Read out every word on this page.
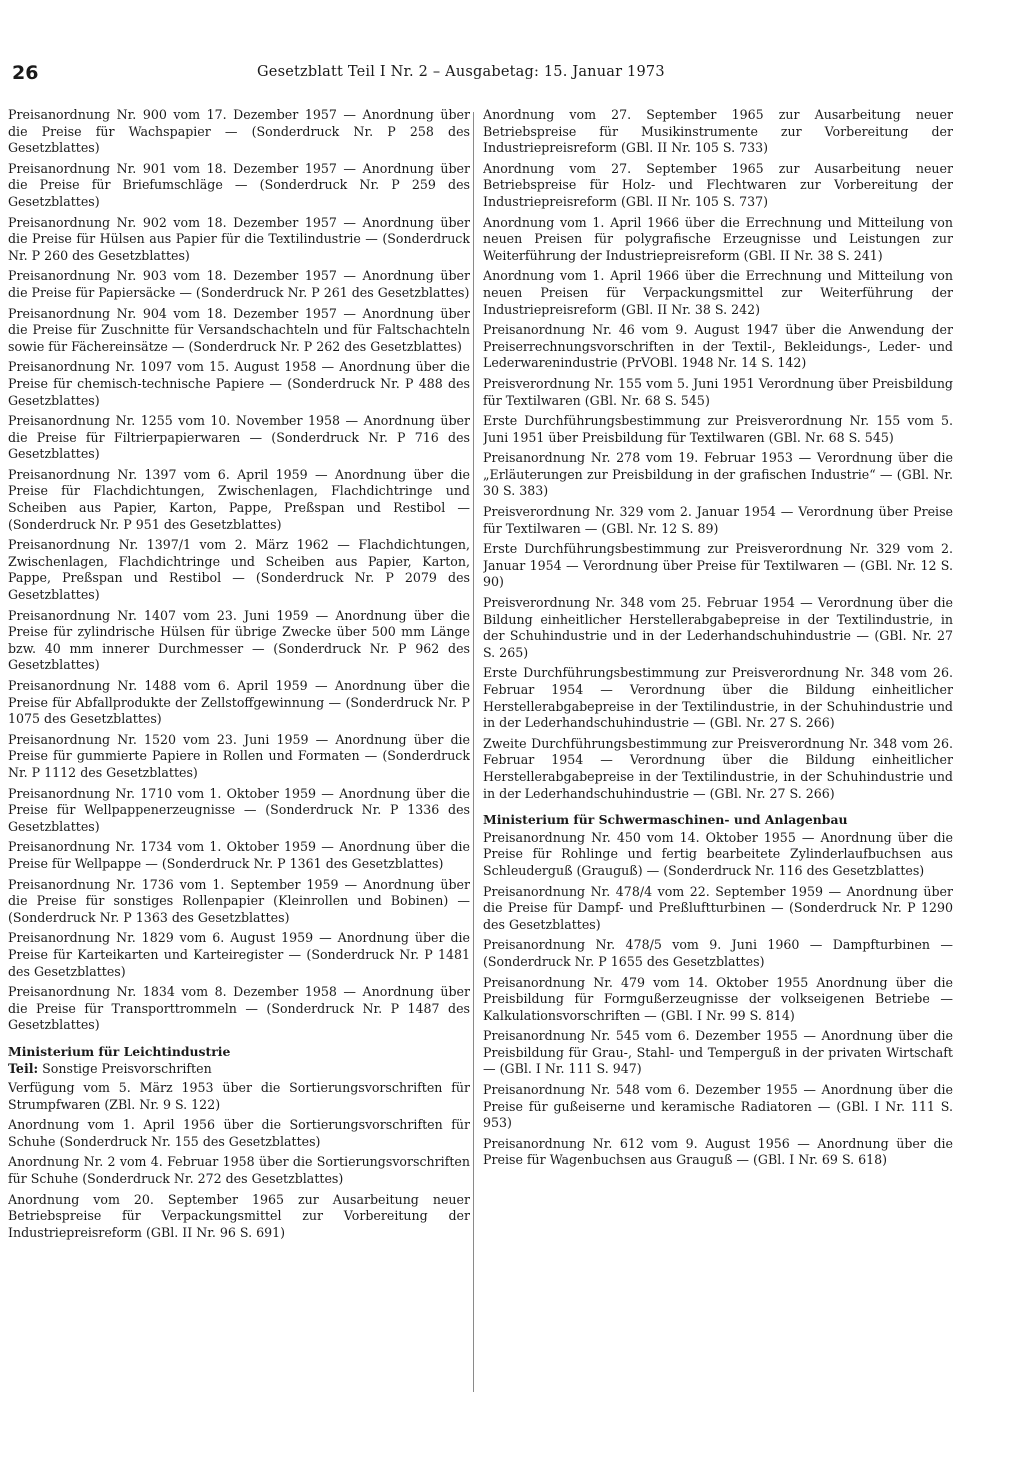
26	Gesetzblatt Teil I Nr. 2 – Ausgabetag: 15. Januar 1973

Preisanordnung Nr. 900 vom 17. Dezember 1957 — Anordnung über die Preise für Wachspapier — (Sonderdruck Nr. P 258 des Gesetzblattes)

Preisanordnung Nr. 901 vom 18. Dezember 1957 — Anordnung über die Preise für Briefumschläge — (Sonderdruck Nr. P 259 des Gesetzblattes)

Preisanordnung Nr. 902 vom 18. Dezember 1957 — Anordnung über die Preise für Hülsen aus Papier für die Textilindustrie — (Sonderdruck Nr. P 260 des Gesetzblattes)

Preisanordnung Nr. 903 vom 18. Dezember 1957 — Anordnung über die Preise für Papiersäcke — (Sonderdruck Nr. P 261 des Gesetzblattes)

Preisanordnung Nr. 904 vom 18. Dezember 1957 — Anordnung über die Preise für Zuschnitte für Versandschachteln und für Faltschachteln sowie für Fächereinsätze — (Sonderdruck Nr. P 262 des Gesetzblattes)

Preisanordnung Nr. 1097 vom 15. August 1958 — Anordnung über die Preise für chemisch-technische Papiere — (Sonderdruck Nr. P 488 des Gesetzblattes)

Preisanordnung Nr. 1255 vom 10. November 1958 — Anordnung über die Preise für Filtrierpapierwaren — (Sonderdruck Nr. P 716 des Gesetzblattes)

Preisanordnung Nr. 1397 vom 6. April 1959 — Anordnung über die Preise für Flachdichtungen, Zwischenlagen, Flachdichtringe und Scheiben aus Papier, Karton, Pappe, Preßspan und Restibol — (Sonderdruck Nr. P 951 des Gesetzblattes)

Preisanordnung Nr. 1397/1 vom 2. März 1962 — Flachdichtungen, Zwischenlagen, Flachdichtringe und Scheiben aus Papier, Karton, Pappe, Preßspan und Restibol — (Sonderdruck Nr. P 2079 des Gesetzblattes)

Preisanordnung Nr. 1407 vom 23. Juni 1959 — Anordnung über die Preise für zylindrische Hülsen für übrige Zwecke über 500 mm Länge bzw. 40 mm innerer Durchmesser — (Sonderdruck Nr. P 962 des Gesetzblattes)

Preisanordnung Nr. 1488 vom 6. April 1959 — Anordnung über die Preise für Abfallprodukte der Zellstoffgewinnung — (Sonderdruck Nr. P 1075 des Gesetzblattes)

Preisanordnung Nr. 1520 vom 23. Juni 1959 — Anordnung über die Preise für gummierte Papiere in Rollen und Formaten — (Sonderdruck Nr. P 1112 des Gesetzblattes)

Preisanordnung Nr. 1710 vom 1. Oktober 1959 — Anordnung über die Preise für Wellpappenerzeugnisse — (Sonderdruck Nr. P 1336 des Gesetzblattes)

Preisanordnung Nr. 1734 vom 1. Oktober 1959 — Anordnung über die Preise für Wellpappe — (Sonderdruck Nr. P 1361 des Gesetzblattes)

Preisanordnung Nr. 1736 vom 1. September 1959 — Anordnung über die Preise für sonstiges Rollenpapier (Kleinrollen und Bobinen) — (Sonderdruck Nr. P 1363 des Gesetzblattes)

Preisanordnung Nr. 1829 vom 6. August 1959 — Anordnung über die Preise für Karteikarten und Karteiregister — (Sonderdruck Nr. P 1481 des Gesetzblattes)

Preisanordnung Nr. 1834 vom 8. Dezember 1958 — Anordnung über die Preise für Transporttrommeln — (Sonderdruck Nr. P 1487 des Gesetzblattes)

Ministerium für Leichtindustrie
Teil: Sonstige Preisvorschriften

Verfügung vom 5. März 1953 über die Sortierungsvorschriften für Strumpfwaren (ZBl. Nr. 9 S. 122)

Anordnung vom 1. April 1956 über die Sortierungsvorschriften für Schuhe (Sonderdruck Nr. 155 des Gesetzblattes)

Anordnung Nr. 2 vom 4. Februar 1958 über die Sortierungsvorschriften für Schuhe (Sonderdruck Nr. 272 des Gesetzblattes)

Anordnung vom 20. September 1965 zur Ausarbeitung neuer Betriebspreise für Verpackungsmittel zur Vorbereitung der Industriepreisreform (GBl. II Nr. 96 S. 691)

Anordnung vom 27. September 1965 zur Ausarbeitung neuer Betriebspreise für Musikinstrumente zur Vorbereitung der Industriepreisreform (GBl. II Nr. 105 S. 733)

Anordnung vom 27. September 1965 zur Ausarbeitung neuer Betriebspreise für Holz- und Flechtwaren zur Vorbereitung der Industriepreisreform (GBl. II Nr. 105 S. 737)

Anordnung vom 1. April 1966 über die Errechnung und Mitteilung von neuen Preisen für polygrafische Erzeugnisse und Leistungen zur Weiterführung der Industriepreisreform (GBl. II Nr. 38 S. 241)

Anordnung vom 1. April 1966 über die Errechnung und Mitteilung von neuen Preisen für Verpackungsmittel zur Weiterführung der Industriepreisreform (GBl. II Nr. 38 S. 242)

Preisanordnung Nr. 46 vom 9. August 1947 über die Anwendung der Preiserrechnungsvorschriften in der Textil-, Bekleidungs-, Leder- und Lederwarenindustrie (PrVOBl. 1948 Nr. 14 S. 142)

Preisverordnung Nr. 155 vom 5. Juni 1951 Verordnung über Preisbildung für Textilwaren (GBl. Nr. 68 S. 545)

Erste Durchführungsbestimmung zur Preisverordnung Nr. 155 vom 5. Juni 1951 über Preisbildung für Textilwaren (GBl. Nr. 68 S. 545)

Preisanordnung Nr. 278 vom 19. Februar 1953 — Verordnung über die „Erläuterungen zur Preisbildung in der grafischen Industrie“ — (GBl. Nr. 30 S. 383)

Preisverordnung Nr. 329 vom 2. Januar 1954 — Verordnung über Preise für Textilwaren — (GBl. Nr. 12 S. 89)

Erste Durchführungsbestimmung zur Preisverordnung Nr. 329 vom 2. Januar 1954 — Verordnung über Preise für Textilwaren — (GBl. Nr. 12 S. 90)

Preisverordnung Nr. 348 vom 25. Februar 1954 — Verordnung über die Bildung einheitlicher Herstellerabgabepreise in der Textilindustrie, in der Schuhindustrie und in der Lederhandschuhindustrie — (GBl. Nr. 27 S. 265)

Erste Durchführungsbestimmung zur Preisverordnung Nr. 348 vom 26. Februar 1954 — Verordnung über die Bildung einheitlicher Herstellerabgabepreise in der Textilindustrie, in der Schuhindustrie und in der Lederhandschuhindustrie — (GBl. Nr. 27 S. 266)

Zweite Durchführungsbestimmung zur Preisverordnung Nr. 348 vom 26. Februar 1954 — Verordnung über die Bildung einheitlicher Herstellerabgabepreise in der Textilindustrie, in der Schuhindustrie und in der Lederhandschuhindustrie — (GBl. Nr. 27 S. 266)

Ministerium für Schwermaschinen- und Anlagenbau

Preisanordnung Nr. 450 vom 14. Oktober 1955 — Anordnung über die Preise für Rohlinge und fertig bearbeitete Zylinderlaufbuchsen aus Schleuderguß (Grauguß) — (Sonderdruck Nr. 116 des Gesetzblattes)

Preisanordnung Nr. 478/4 vom 22. September 1959 — Anordnung über die Preise für Dampf- und Preßluftturbinen — (Sonderdruck Nr. P 1290 des Gesetzblattes)

Preisanordnung Nr. 478/5 vom 9. Juni 1960 — Dampfturbinen — (Sonderdruck Nr. P 1655 des Gesetzblattes)

Preisanordnung Nr. 479 vom 14. Oktober 1955 Anordnung über die Preisbildung für Formgußerzeugnisse der volkseigenen Betriebe — Kalkulationsvorschriften — (GBl. I Nr. 99 S. 814)

Preisanordnung Nr. 545 vom 6. Dezember 1955 — Anordnung über die Preisbildung für Grau-, Stahl- und Temperguß in der privaten Wirtschaft — (GBl. I Nr. 111 S. 947)

Preisanordnung Nr. 548 vom 6. Dezember 1955 — Anordnung über die Preise für gußeiserne und keramische Radiatoren — (GBl. I Nr. 111 S. 953)

Preisanordnung Nr. 612 vom 9. August 1956 — Anordnung über die Preise für Wagenbuchsen aus Grauguß — (GBl. I Nr. 69 S. 618)
